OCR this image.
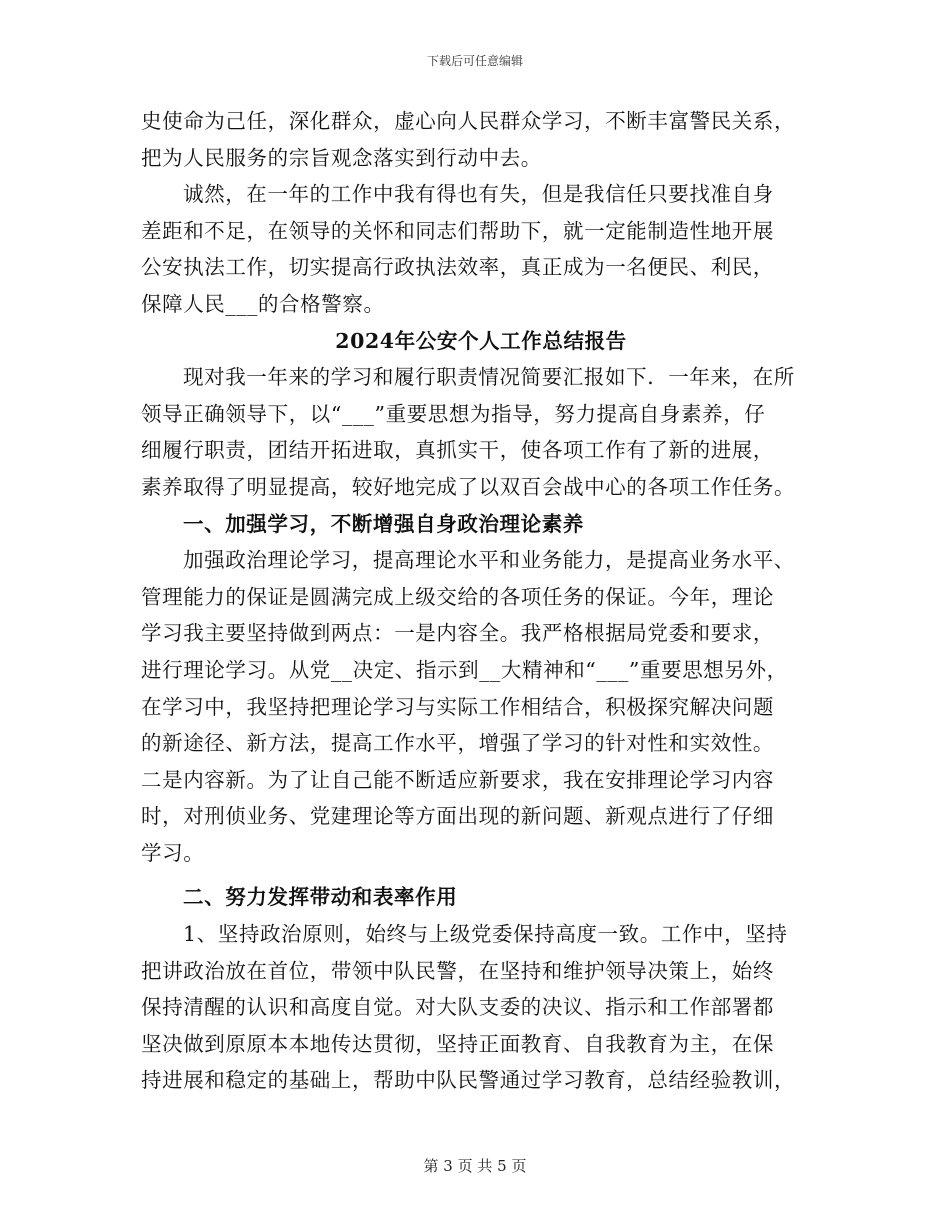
下载后可任意编辑
史使命为己任，深化群众，虚心向人民群众学习，不断丰富警民关系，
把为人民服务的宗旨观念落实到行动中去。
诚然，在一年的工作中我有得也有失，但是我信任只要找准自身
差距和不足，在领导的关怀和同志们帮助下，就一定能制造性地开展
公安执法工作，切实提高行政执法效率，真正成为一名便民、利民，
保障人民___的合格警察。
2024年公安个人工作总结报告
现对我一年来的学习和履行职责情况简要汇报如下．一年来，在所
领导正确领导下，以“___”重要思想为指导，努力提高自身素养，仔
细履行职责，团结开拓进取，真抓实干，使各项工作有了新的进展，
素养取得了明显提高，较好地完成了以双百会战中心的各项工作任务。
一、加强学习，不断增强自身政治理论素养
加强政治理论学习，提高理论水平和业务能力，是提高业务水平、
管理能力的保证是圆满完成上级交给的各项任务的保证。今年，理论
学习我主要坚持做到两点：一是内容全。我严格根据局党委和要求，
进行理论学习。从党__决定、指示到__大精神和“___”重要思想另外，
在学习中，我坚持把理论学习与实际工作相结合，积极探究解决问题
的新途径、新方法，提高工作水平，增强了学习的针对性和实效性。
二是内容新。为了让自己能不断适应新要求，我在安排理论学习内容
时，对刑侦业务、党建理论等方面出现的新问题、新观点进行了仔细
学习。
二、努力发挥带动和表率作用
1、坚持政治原则，始终与上级党委保持高度一致。工作中，坚持
把讲政治放在首位，带领中队民警，在坚持和维护领导决策上，始终
保持清醒的认识和高度自觉。对大队支委的决议、指示和工作部署都
坚决做到原原本本地传达贯彻，坚持正面教育、自我教育为主，在保
持进展和稳定的基础上，帮助中队民警通过学习教育，总结经验教训，
第 3 页 共 5 页
